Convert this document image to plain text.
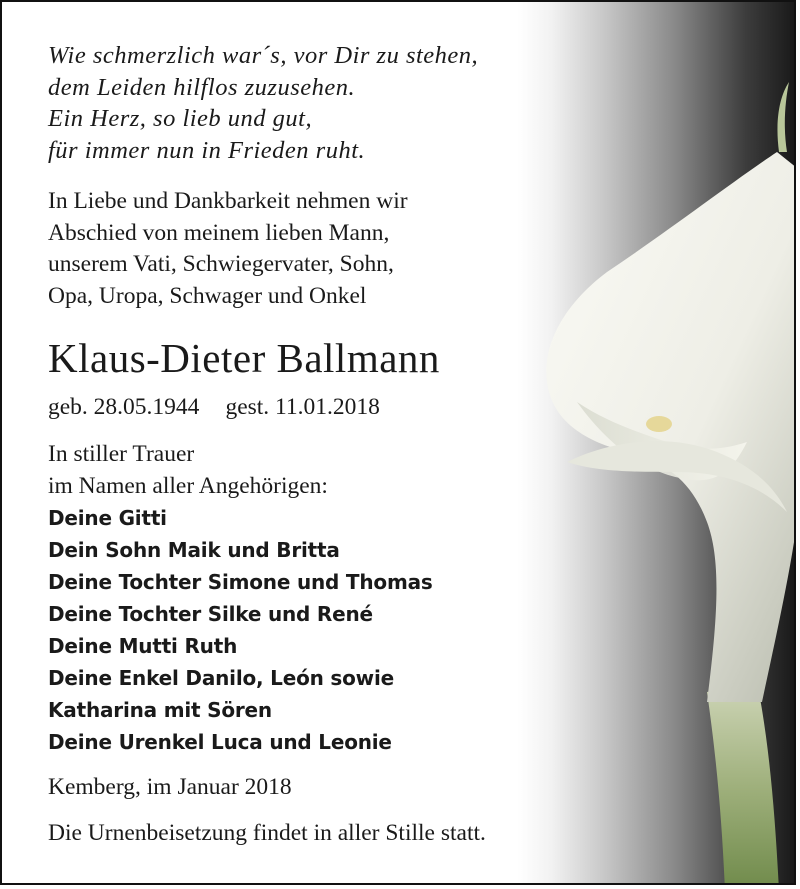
Wie schmerzlich war´s, vor Dir zu stehen,
dem Leiden hilflos zuzusehen.
Ein Herz, so lieb und gut,
für immer nun in Frieden ruht.
In Liebe und Dankbarkeit nehmen wir
Abschied von meinem lieben Mann,
unserem Vati, Schwiegervater, Sohn,
Opa, Uropa, Schwager und Onkel
Klaus-Dieter Ballmann
geb. 28.05.1944 gest. 11.01.2018
In stiller Trauer
im Namen aller Angehörigen:
Deine Gitti
Dein Sohn Maik und Britta
Deine Tochter Simone und Thomas
Deine Tochter Silke und René
Deine Mutti Ruth
Deine Enkel Danilo, León sowie
Katharina mit Sören
Deine Urenkel Luca und Leonie
Kemberg, im Januar 2018
Die Urnenbeisetzung findet in aller Stille statt.
